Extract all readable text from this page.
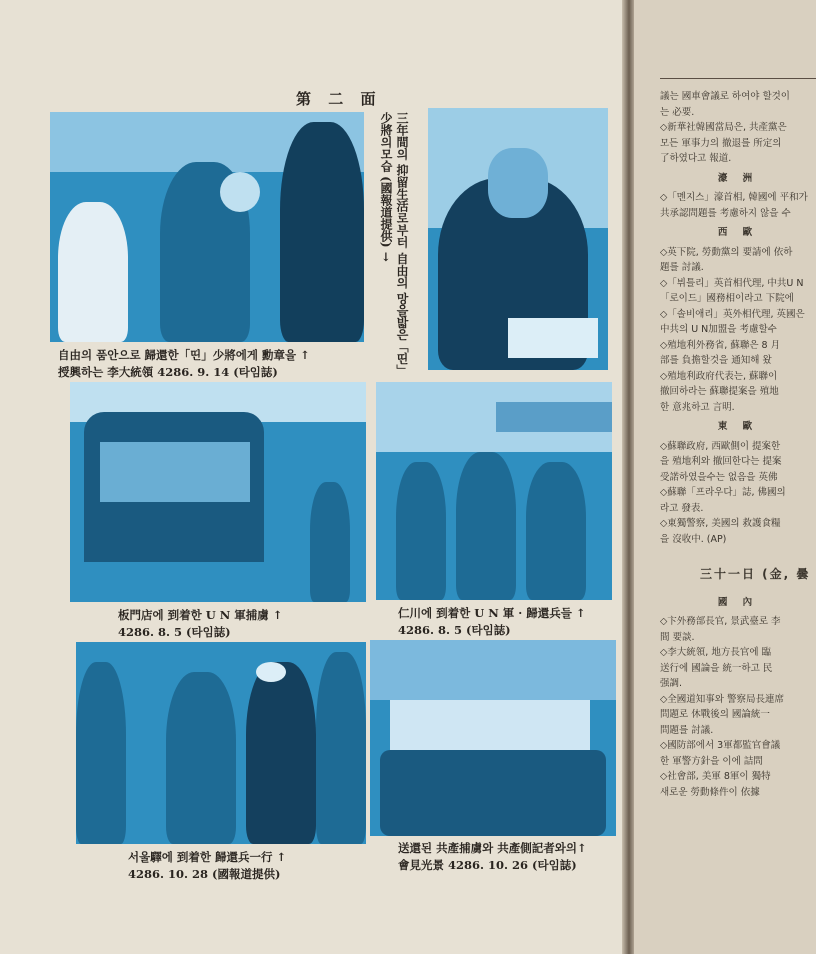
第 二 面
自由의 품안으로 歸還한「띤」少將에게 勳章을 ↑
授興하는 李大統領 4286. 9. 14 (타임誌)	三年間의 抑留生活로부터 自由의 망을밟은「띤」少將의모습 (國報道提供) →
板門店에 到着한 U N 軍捕虜 ↑
4286. 8. 5 (타임誌)
仁川에 到着한 U N 軍 · 歸還兵들 ↑
4286. 8. 5 (타임誌)
서울驛에 到着한 歸還兵一行 ↑
4286. 10. 28 (國報道提供)
送還된 共產捕虜와 共產側記者와의↑
會見光景 4286. 10. 26 (타임誌)
議는 國車會議로 하여야 할것이
는 必要.
◇新華社韓國當局은, 共產黨은
모든 軍事力의 撤退를 所定의
了하였다고 報道.
濠 洲
◇「멘지스」濠首相, 韓國에 平和가
共承認問題를 考慮하지 않을 수
西 歐
◇英下院, 勞動黨의 要請에 依하
題를 討議.
◇「뷔틀리」英首相代理, 中共U N
「로이드」國務相이라고 下院에
◇「솔비애리」英外相代理, 英國은
中共의 U N加盟을 考慮할수
◇殖地利外務省, 蘇聯은 8 月
部를 負擔할것을 通知해 왔
◇殖地利政府代表는, 蘇聯이
撤回하라는 蘇聯提案을 殖地
한 意兆하고 言明.
東 歐
◇蘇聯政府, 西歐側이 提案한
을 殖地利와 撤回한다는 提案
受諾하였을수는 없음을 英佛
◇蘇聯「프라우다」誌, 佛國의
라고 發表.
◇東獨警察, 美國의 救護食糧
을 沒收中. (AP)
三十一日 (金, 曇
國 內
◇卞外務部長官, 景武臺로 李
間 要談.
◇李大統領, 地方長官에 臨
送行에 國論을 統一하고 民
强調.
◇全國道知事와 警察局長連席
問題로 休戰後의 國論統一
問題를 討議.
◇國防部에서 3軍都監官會議
한 軍警方針을 이에 詰問
◇社會部, 美軍 8軍이 獨特
새로운 勞動條件이 依據
